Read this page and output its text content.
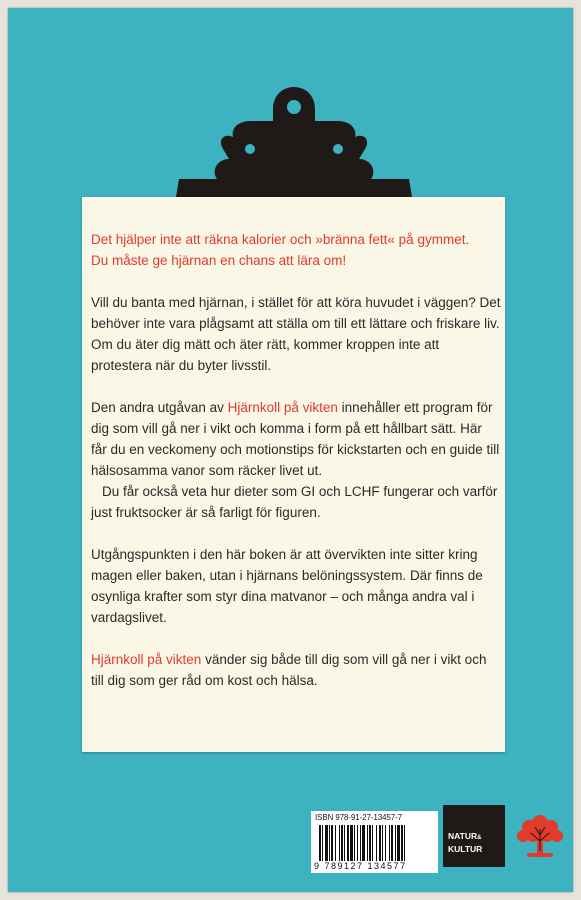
Det hjälper inte att räkna kalorier och »bränna fett« på gymmet.

Du måste ge hjärnan en chans att lära om!

Vill du banta med hjärnan, i stället för att köra huvudet i väggen? Det behöver inte vara plågsamt att ställa om till ett lättare och friskare liv. Om du äter dig mätt och äter rätt, kommer kroppen inte att protestera när du byter livsstil.

Den andra utgåvan av Hjärnkoll på vikten innehåller ett program för dig som vill gå ner i vikt och komma i form på ett hållbart sätt. Här får du en veckomeny och motionstips för kickstarten och en guide till hälsosamma vanor som räcker livet ut.

Du får också veta hur dieter som GI och LCHF fungerar och varför just fruktsocker är så farligt för figuren.

Utgångspunkten i den här boken är att övervikten inte sitter kring magen eller baken, utan i hjärnans belöningssystem. Där finns de osynliga krafter som styr dina matvanor – och många andra val i vardagslivet.

Hjärnkoll på vikten vänder sig både till dig som vill gå ner i vikt och till dig som ger råd om kost och hälsa.

ISBN 978-91-27-13457-7
9 789127 134577
NATUR&
KULTUR
